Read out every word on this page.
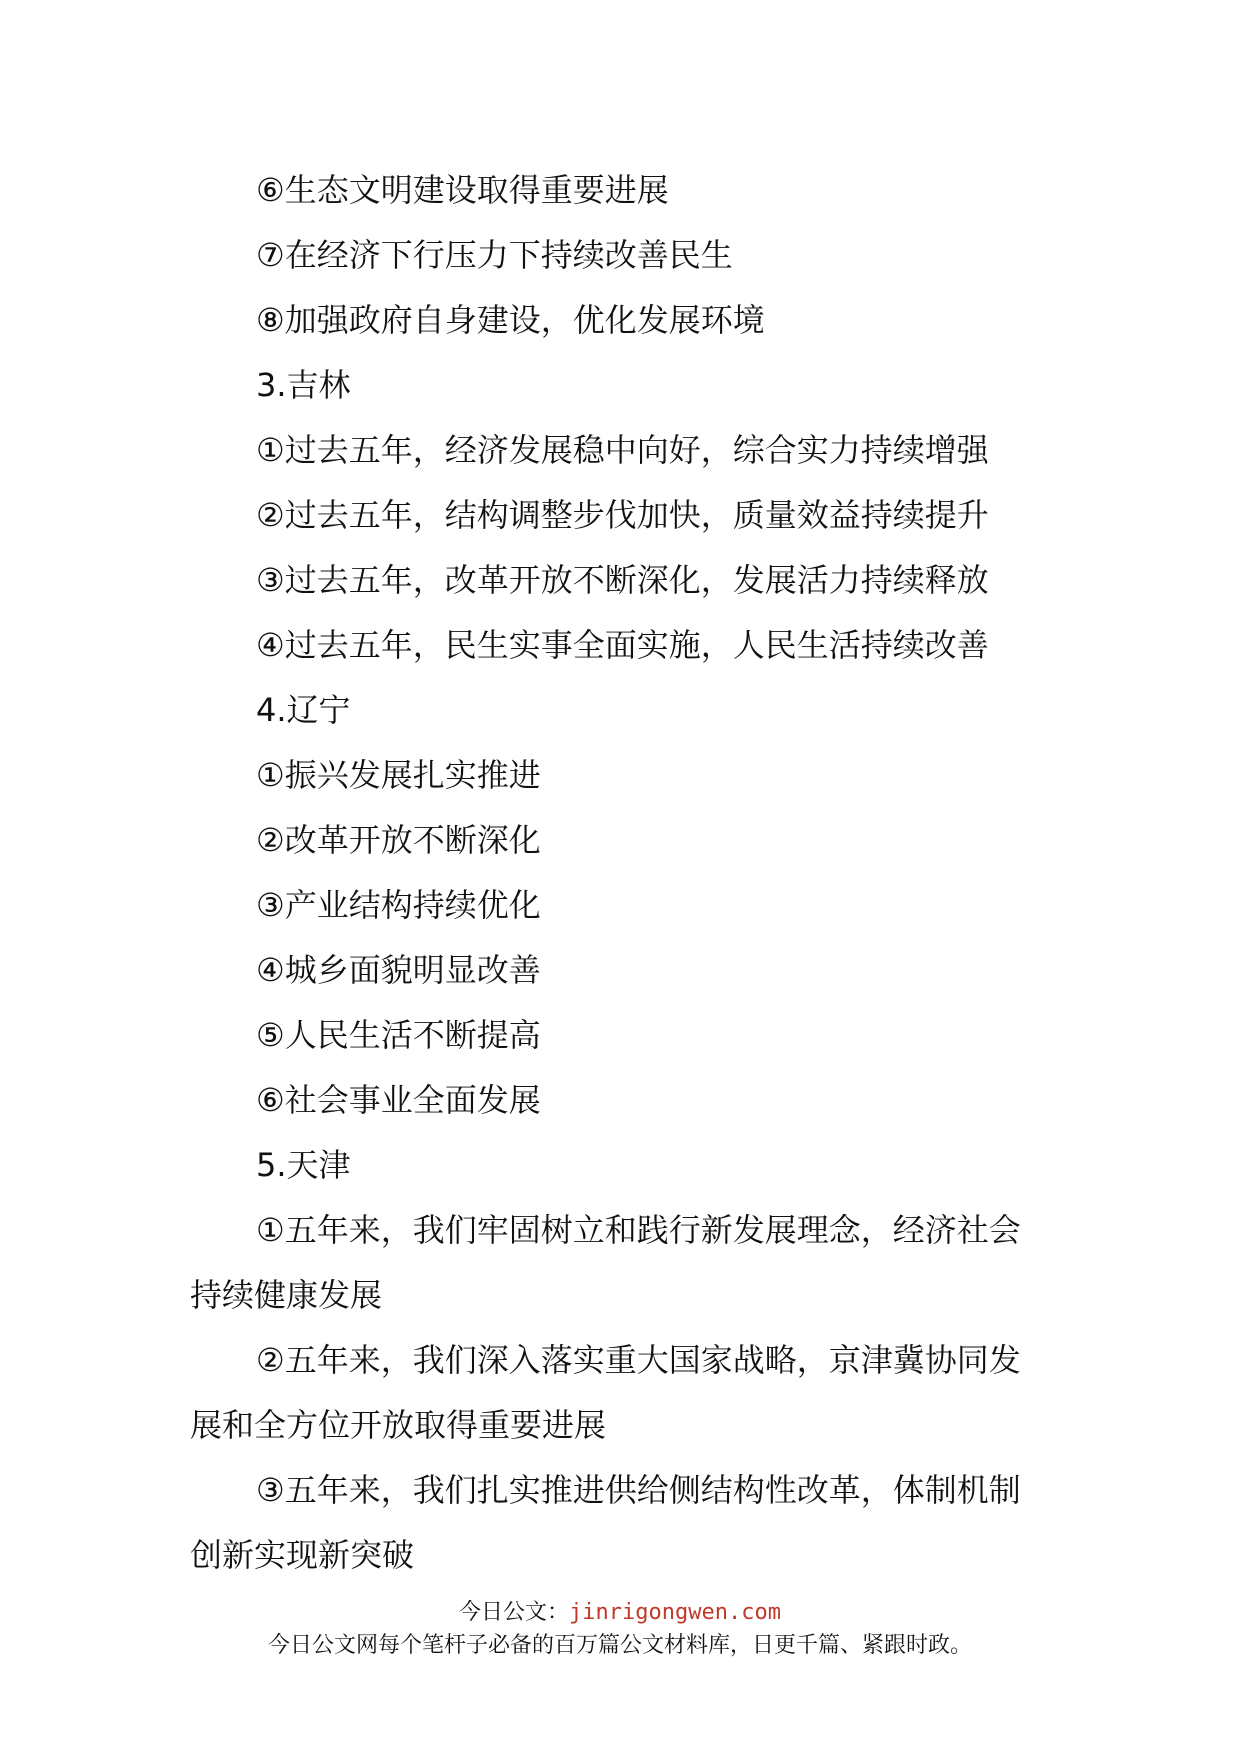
⑥生态文明建设取得重要进展

⑦在经济下行压力下持续改善民生

⑧加强政府自身建设，优化发展环境

3.吉林

①过去五年，经济发展稳中向好，综合实力持续增强

②过去五年，结构调整步伐加快，质量效益持续提升

③过去五年，改革开放不断深化，发展活力持续释放

④过去五年，民生实事全面实施，人民生活持续改善

4.辽宁

①振兴发展扎实推进

②改革开放不断深化

③产业结构持续优化

④城乡面貌明显改善

⑤人民生活不断提高

⑥社会事业全面发展

5.天津

①五年来，我们牢固树立和践行新发展理念，经济社会持续健康发展

②五年来，我们深入落实重大国家战略，京津冀协同发展和全方位开放取得重要进展

③五年来，我们扎实推进供给侧结构性改革，体制机制创新实现新突破

今日公文：jinrigongwen.com
今日公文网每个笔杆子必备的百万篇公文材料库，日更千篇、紧跟时政。
